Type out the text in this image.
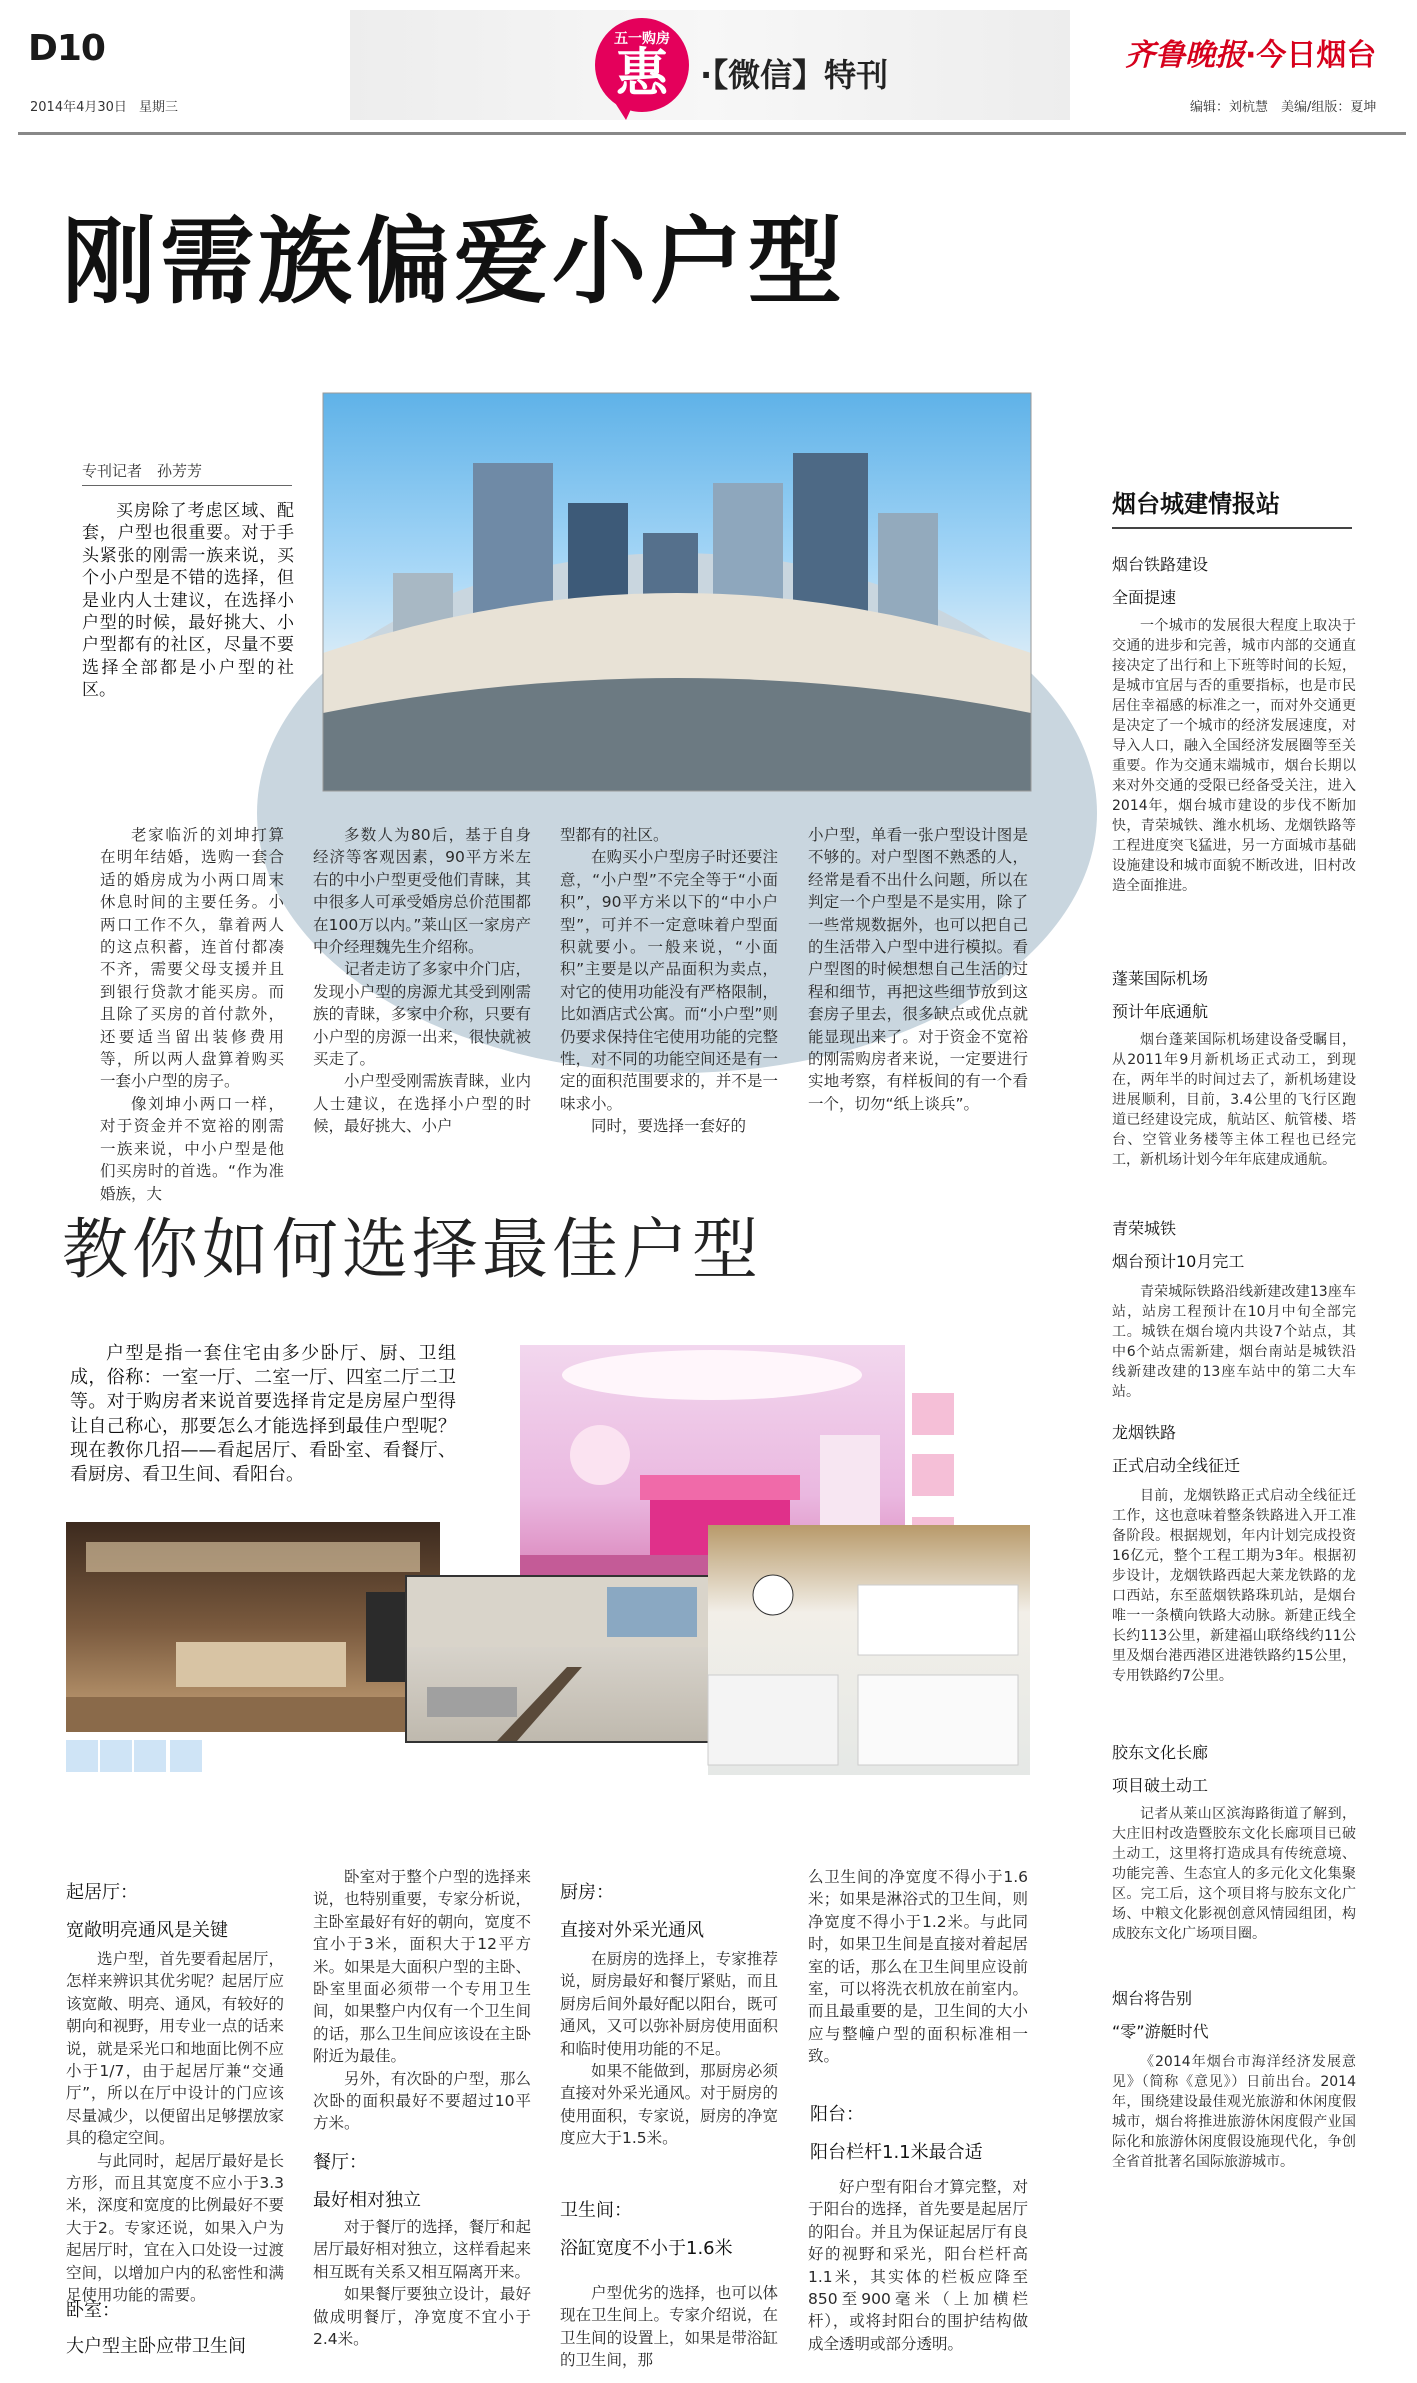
D10
2014年4月30日 星期三
五一购房
惠	·【微信】特刊
齐鲁晚报·今日烟台
编辑：刘杭慧　美编/组版：夏坤
刚需族偏爱小户型
专刊记者　孙芳芳

买房除了考虑区域、配套，户型也很重要。对于手头紧张的刚需一族来说，买个小户型是不错的选择，但是业内人士建议，在选择小户型的时候，最好挑大、小户型都有的社区，尽量不要选择全部都是小户型的社区。

老家临沂的刘坤打算在明年结婚，选购一套合适的婚房成为小两口周末休息时间的主要任务。小两口工作不久，靠着两人的这点积蓄，连首付都凑不齐，需要父母支援并且到银行贷款才能买房。而且除了买房的首付款外，还要适当留出装修费用等，所以两人盘算着购买一套小户型的房子。

像刘坤小两口一样，对于资金并不宽裕的刚需一族来说，中小户型是他们买房时的首选。“作为准婚族，大

多数人为80后，基于自身经济等客观因素，90平方米左右的中小户型更受他们青睐，其中很多人可承受婚房总价范围都在100万以内。”莱山区一家房产中介经理魏先生介绍称。

记者走访了多家中介门店，发现小户型的房源尤其受到刚需族的青睐，多家中介称，只要有小户型的房源一出来，很快就被买走了。

小户型受刚需族青睐，业内人士建议，在选择小户型的时候，最好挑大、小户

型都有的社区。

在购买小户型房子时还要注意，“小户型”不完全等于“小面积”，90平方米以下的“中小户型”，可并不一定意味着户型面积就要小。一般来说，“小面积”主要是以产品面积为卖点，对它的使用功能没有严格限制，比如酒店式公寓。而“小户型”则仍要求保持住宅使用功能的完整性，对不同的功能空间还是有一定的面积范围要求的，并不是一味求小。

同时，要选择一套好的

小户型，单看一张户型设计图是不够的。对户型图不熟悉的人，经常是看不出什么问题，所以在判定一个户型是不是实用，除了一些常规数据外，也可以把自己的生活带入户型中进行模拟。看户型图的时候想想自己生活的过程和细节，再把这些细节放到这套房子里去，很多缺点或优点就能显现出来了。对于资金不宽裕的刚需购房者来说，一定要进行实地考察，有样板间的有一个看一个，切勿“纸上谈兵”。

教你如何选择最佳户型

户型是指一套住宅由多少卧厅、厨、卫组成，俗称：一室一厅、二室一厅、四室二厅二卫等。对于购房者来说首要选择肯定是房屋户型得让自己称心，那要怎么才能选择到最佳户型呢？现在教你几招——看起居厅、看卧室、看餐厅、看厨房、看卫生间、看阳台。

起居厅：
宽敞明亮通风是关键

选户型，首先要看起居厅，怎样来辨识其优劣呢？起居厅应该宽敞、明亮、通风，有较好的朝向和视野，用专业一点的话来说，就是采光口和地面比例不应小于1/7，由于起居厅兼“交通厅”，所以在厅中设计的门应该尽量减少，以便留出足够摆放家具的稳定空间。

与此同时，起居厅最好是长方形，而且其宽度不应小于3.3米，深度和宽度的比例最好不要大于2。专家还说，如果入户为起居厅时，宜在入口处设一过渡空间，以增加户内的私密性和满足使用功能的需要。

卧室：
大户型主卧应带卫生间

卧室对于整个户型的选择来说，也特别重要，专家分析说，主卧室最好有好的朝向，宽度不宜小于3米，面积大于12平方米。如果是大面积户型的主卧、卧室里面必须带一个专用卫生间，如果整户内仅有一个卫生间的话，那么卫生间应该设在主卧附近为最佳。

另外，有次卧的户型，那么次卧的面积最好不要超过10平方米。

餐厅：
最好相对独立

对于餐厅的选择，餐厅和起居厅最好相对独立，这样看起来相互既有关系又相互隔离开来。

如果餐厅要独立设计，最好做成明餐厅，净宽度不宜小于2.4米。

厨房：
直接对外采光通风

在厨房的选择上，专家推荐说，厨房最好和餐厅紧贴，而且厨房后间外最好配以阳台，既可通风，又可以弥补厨房使用面积和临时使用功能的不足。

如果不能做到，那厨房必须直接对外采光通风。对于厨房的使用面积，专家说，厨房的净宽度应大于1.5米。

卫生间：
浴缸宽度不小于1.6米

户型优劣的选择，也可以体现在卫生间上。专家介绍说，在卫生间的设置上，如果是带浴缸的卫生间，那

么卫生间的净宽度不得小于1.6米；如果是淋浴式的卫生间，则净宽度不得小于1.2米。与此同时，如果卫生间是直接对着起居室的话，那么在卫生间里应设前室，可以将洗衣机放在前室内。而且最重要的是，卫生间的大小应与整幢户型的面积标准相一致。

阳台：
阳台栏杆1.1米最合适

好户型有阳台才算完整，对于阳台的选择，首先要是起居厅的阳台。并且为保证起居厅有良好的视野和采光，阳台栏杆高1.1米，其实体的栏板应降至850至900毫米（上加横栏杆），或将封阳台的围护结构做成全透明或部分透明。

烟台城建情报站
烟台铁路建设
全面提速

一个城市的发展很大程度上取决于交通的进步和完善，城市内部的交通直接决定了出行和上下班等时间的长短，是城市宜居与否的重要指标，也是市民居住幸福感的标准之一，而对外交通更是决定了一个城市的经济发展速度，对导入人口，融入全国经济发展圈等至关重要。作为交通末端城市，烟台长期以来对外交通的受限已经备受关注，进入2014年，烟台城市建设的步伐不断加快，青荣城铁、潍水机场、龙烟铁路等工程进度突飞猛进，另一方面城市基础设施建设和城市面貌不断改进，旧村改造全面推进。

蓬莱国际机场
预计年底通航

烟台蓬莱国际机场建设备受瞩目，从2011年9月新机场正式动工，到现在，两年半的时间过去了，新机场建设进展顺利，目前，3.4公里的飞行区跑道已经建设完成，航站区、航管楼、塔台、空管业务楼等主体工程也已经完工，新机场计划今年年底建成通航。

青荣城铁
烟台预计10月完工

青荣城际铁路沿线新建改建13座车站，站房工程预计在10月中旬全部完工。城铁在烟台境内共设7个站点，其中6个站点需新建，烟台南站是城铁沿线新建改建的13座车站中的第二大车站。

龙烟铁路
正式启动全线征迁

目前，龙烟铁路正式启动全线征迁工作，这也意味着整条铁路进入开工准备阶段。根据规划，年内计划完成投资16亿元，整个工程工期为3年。根据初步设计，龙烟铁路西起大莱龙铁路的龙口西站，东至蓝烟铁路珠玑站，是烟台唯一一条横向铁路大动脉。新建正线全长约113公里，新建福山联络线约11公里及烟台港西港区进港铁路约15公里，专用铁路约7公里。

胶东文化长廊
项目破土动工

记者从莱山区滨海路街道了解到，大庄旧村改造暨胶东文化长廊项目已破土动工，这里将打造成具有传统意境、功能完善、生态宜人的多元化文化集聚区。完工后，这个项目将与胶东文化广场、中粮文化影视创意风情园组团，构成胶东文化广场项目圈。

烟台将告别
“零”游艇时代

《2014年烟台市海洋经济发展意见》（简称《意见》）日前出台。2014年，围绕建设最佳观光旅游和休闲度假城市，烟台将推进旅游休闲度假产业国际化和旅游休闲度假设施现代化，争创全省首批著名国际旅游城市。
